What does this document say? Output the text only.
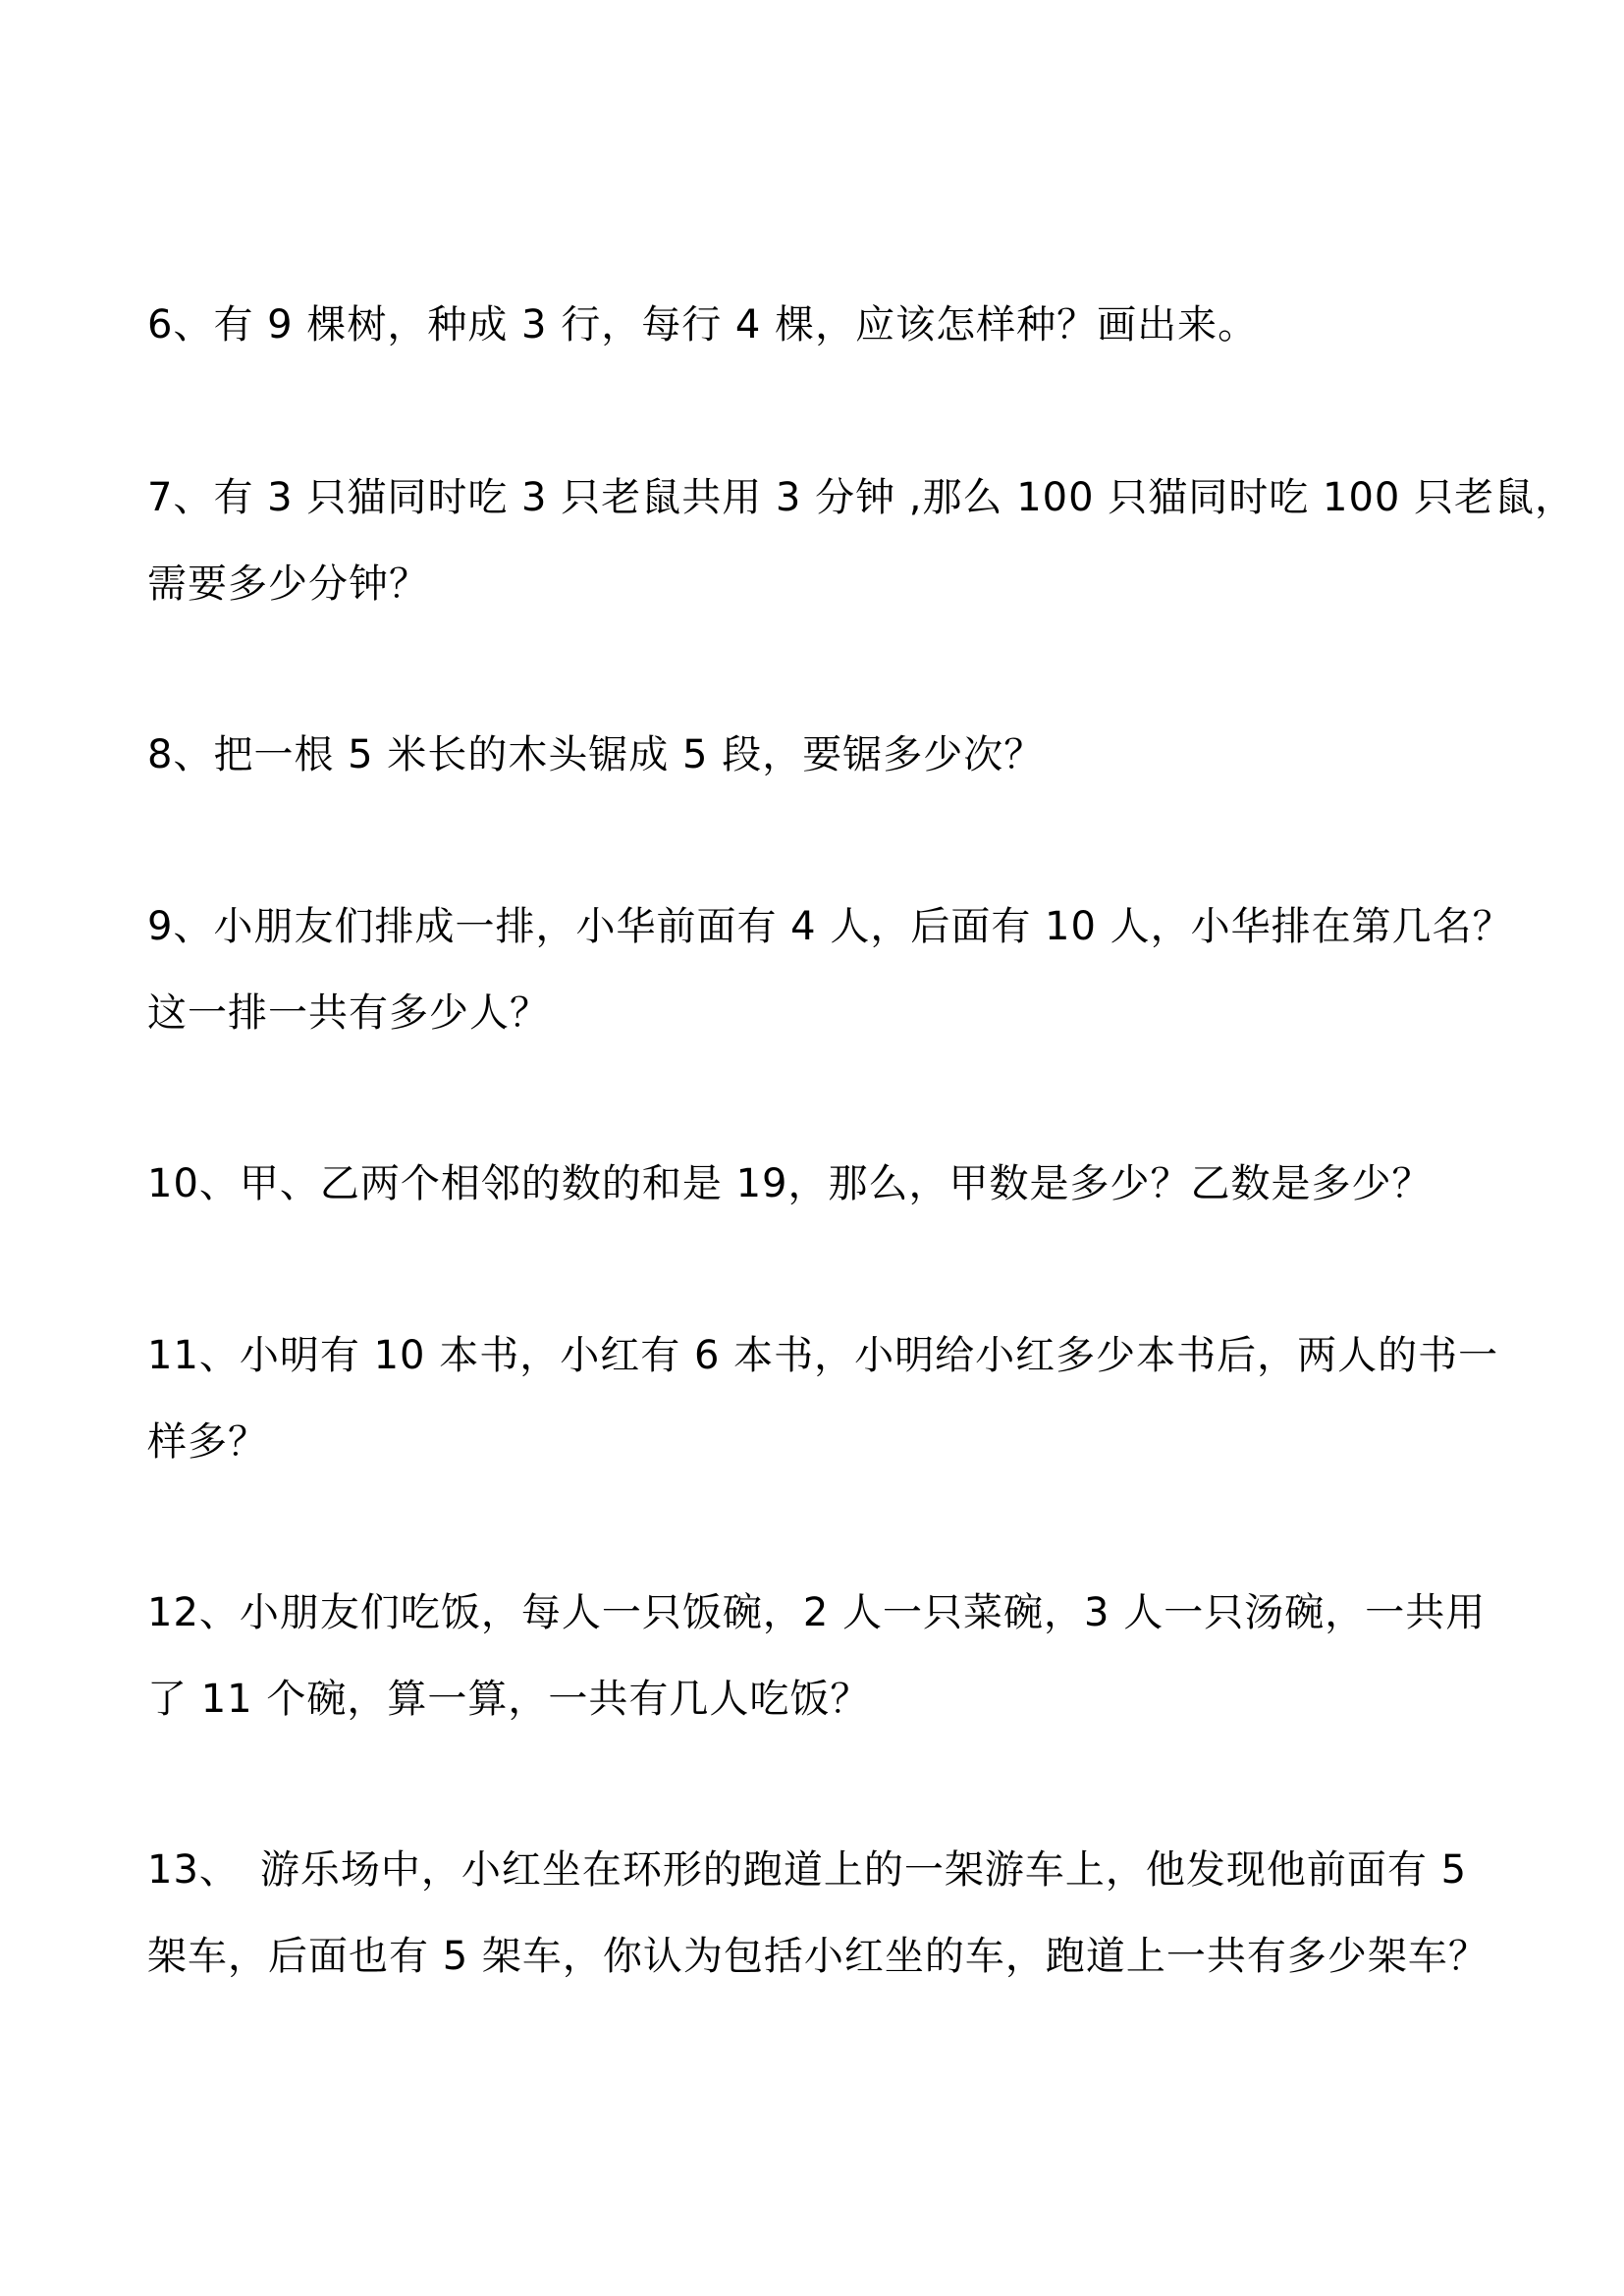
6、有 9 棵树，种成 3 行，每行 4 棵，应该怎样种？画出来。

7、有 3 只猫同时吃 3 只老鼠共用 3 分钟 ,那么 100 只猫同时吃 100 只老鼠，
需要多少分钟？

8、把一根 5 米长的木头锯成 5 段，要锯多少次？

9、小朋友们排成一排，小华前面有 4 人，后面有 10 人，小华排在第几名？
这一排一共有多少人？

10、甲、乙两个相邻的数的和是 19，那么，甲数是多少？乙数是多少？

11、小明有 10 本书，小红有 6 本书，小明给小红多少本书后，两人的书一
样多？

12、小朋友们吃饭，每人一只饭碗，2 人一只菜碗，3 人一只汤碗，一共用
了 11 个碗，算一算，一共有几人吃饭？

13、　游乐场中，小红坐在环形的跑道上的一架游车上，他发现他前面有 5
架车，后面也有 5 架车，你认为包括小红坐的车，跑道上一共有多少架车？
